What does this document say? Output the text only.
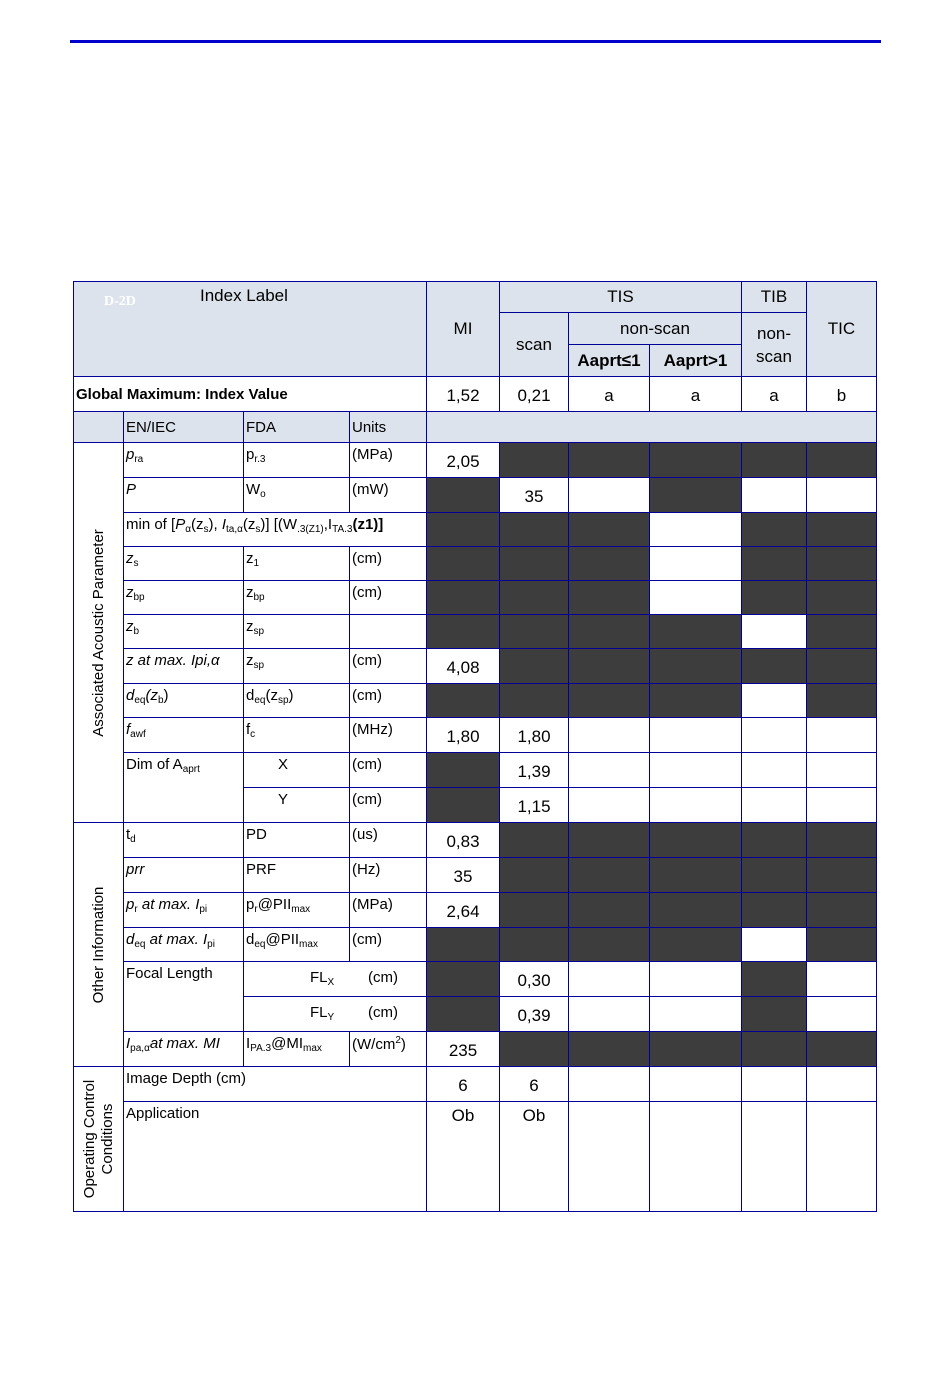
D-2D Index Label				MI	TIS			TIB	TIC
					scan	non-scan		non-scan	
						Aaprt≤1	Aaprt>1		
Global Maximum: Index Value				1,52	0,21	a	a	a	b
	EN/IEC	FDA	Units						

Associated Acoustic Parameter	$p_{ra}$	$p_{r.3}$	(MPa)	2,05					
	P	$W_o$	(mW)		35				
	min of [$P_\alpha(z_s)$, $I_{ta,\alpha}(z_s)$] [$(W_{.3(Z1)},I_{TA.3}(z1)]$								
	$z_s$	$z_1$	(cm)						
	$z_{bp}$	$z_{bp}$	(cm)						
	$z_b$	$z_{sp}$							
	z at max. Ipi,α	$z_{sp}$	(cm)	4,08					
	$d_{eq}(z_b)$	$d_{eq}(z_{sp})$	(cm)						
	$f_{awf}$	$f_c$	(MHz)	1,80	1,80				
	Dim of $A_{aprt}$	X	(cm)		1,39				
		Y	(cm)		1,15				

Other Information	$t_d$	PD	(us)	0,83					
	prr	PRF	(Hz)	35					
	$p_r$ at max. $I_{pi}$	$p_r@PII_{max}$	(MPa)	2,64					
	$d_{eq}$ at max. $I_{pi}$	$d_{eq}@PII_{max}$	(cm)						
	Focal Length	$FL_X$ (cm)			0,30				

		$FL_Y$ (cm)			0,39				
	$I_{pa,\alpha}at$ max. MI	$I_{PA.3}@MI_{max}$	$(W/cm^2)$	235					

Operating Control
Conditions	Image Depth (cm)			6	6				
	Application			Ob	Ob				
